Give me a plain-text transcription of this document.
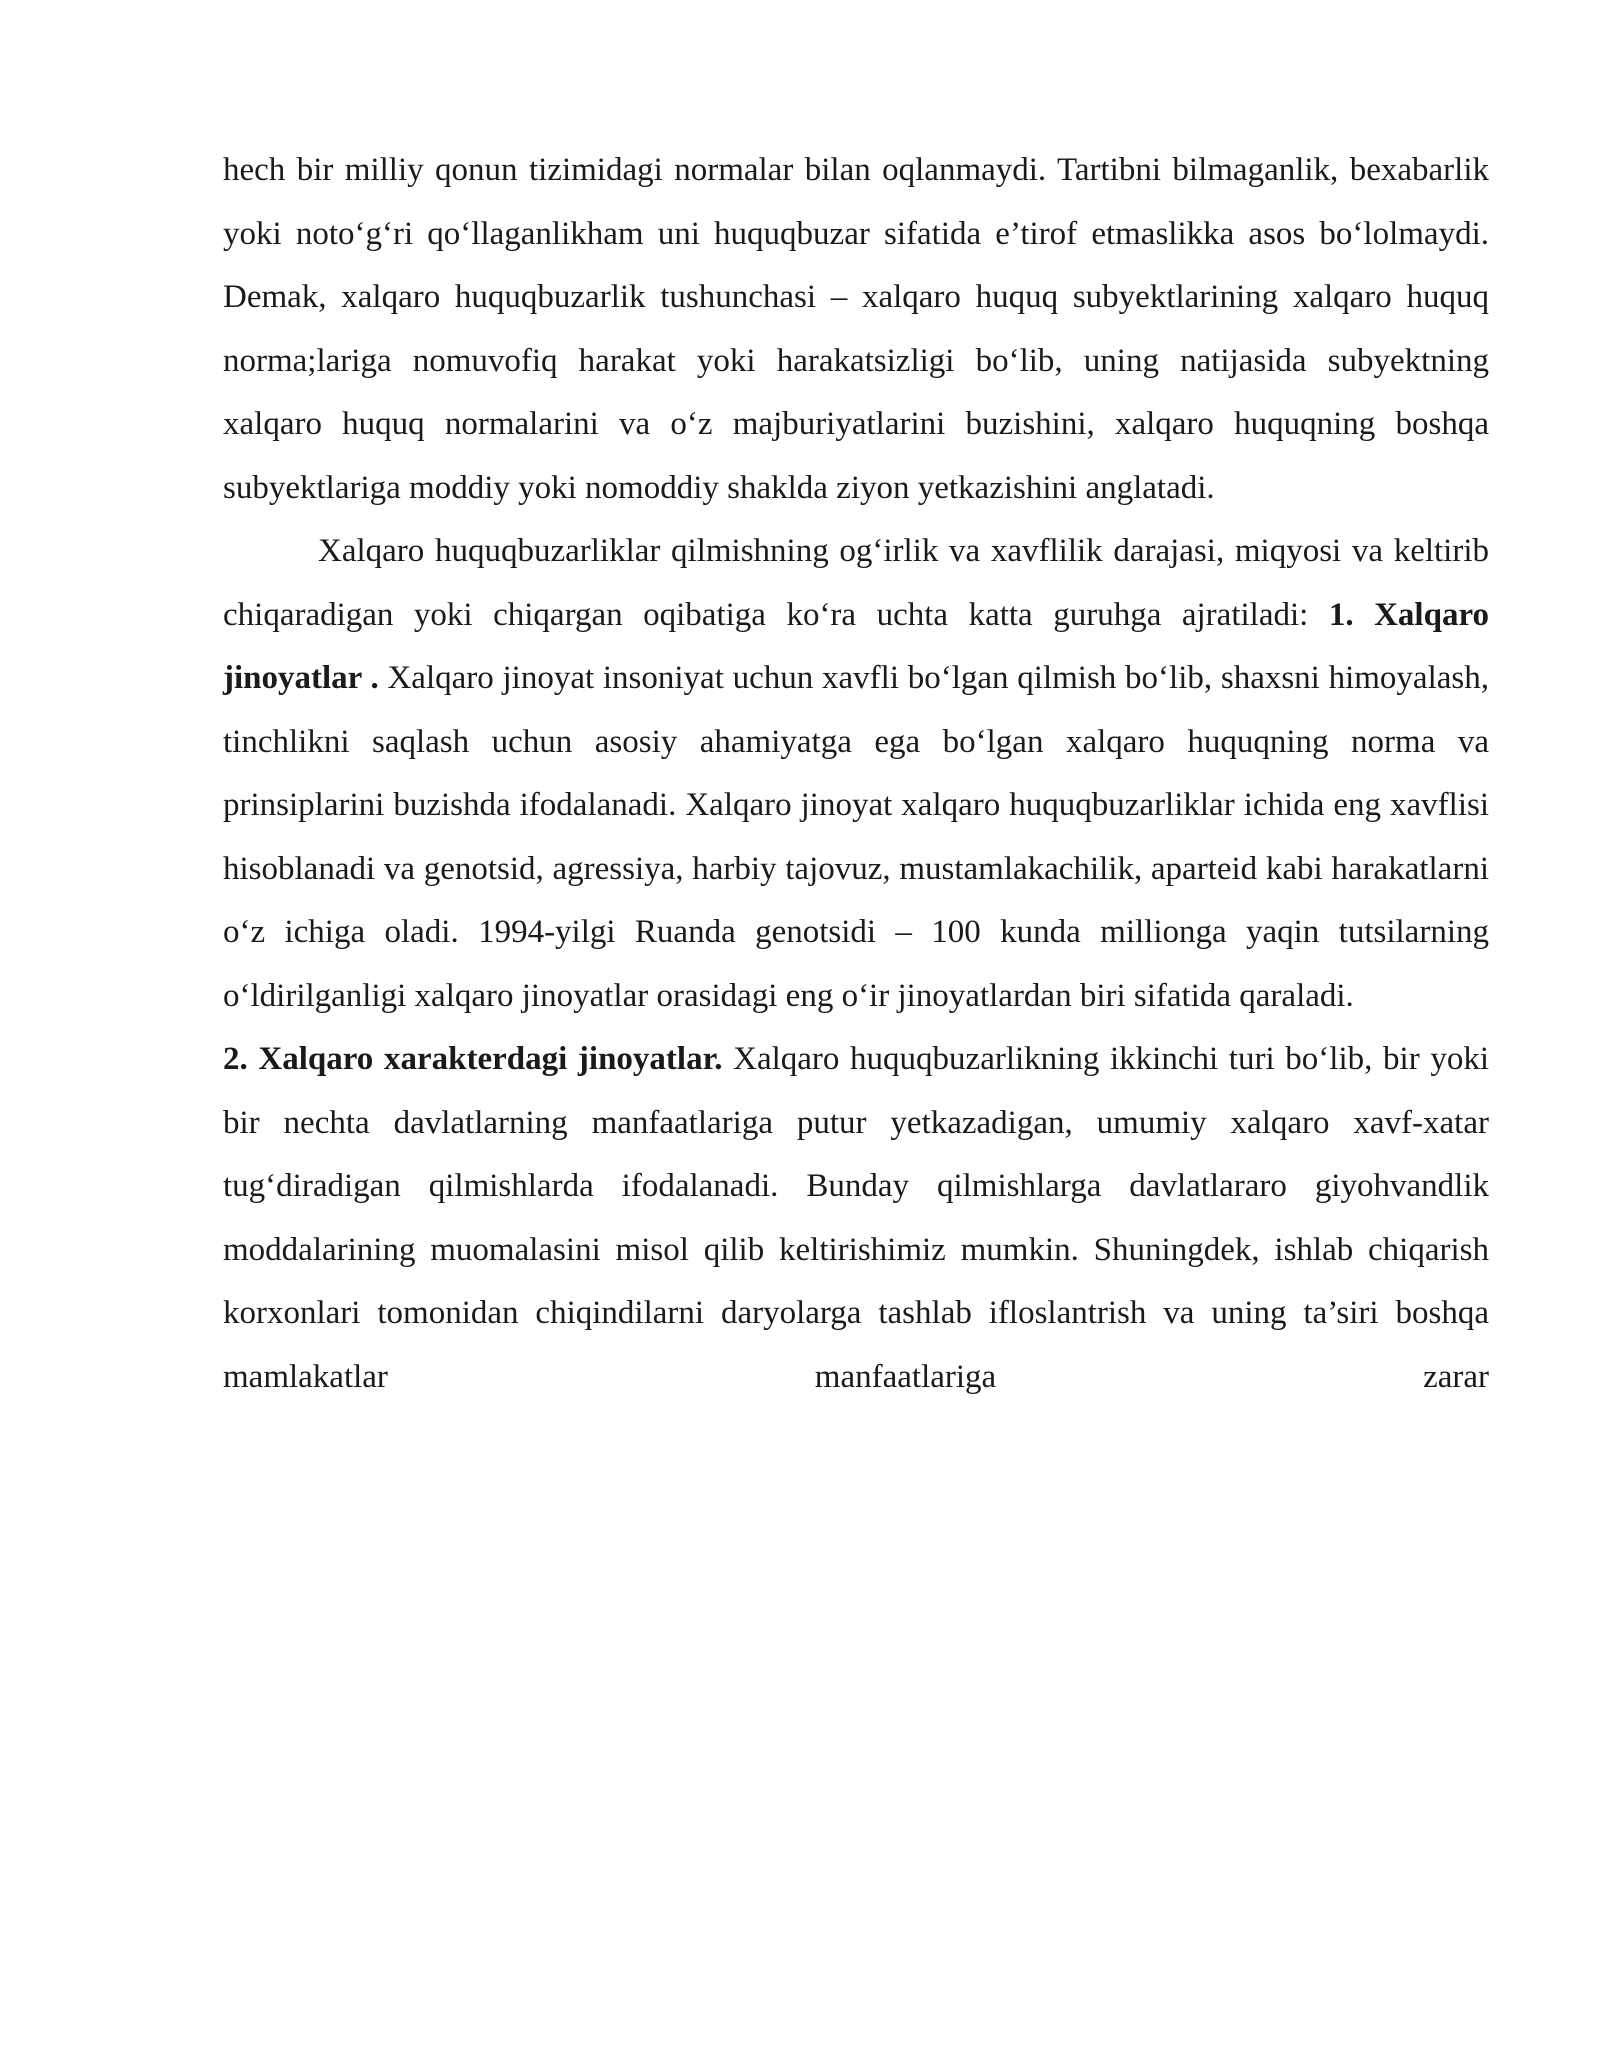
hech bir milliy qonun tizimidagi normalar bilan oqlanmaydi. Tartibni bilmaganlik, bexabarlik yoki noto‘g‘ri qo‘llaganlikham uni huquqbuzar sifatida e’tirof etmaslikka asos bo‘lolmaydi. Demak, xalqaro huquqbuzarlik tushunchasi – xalqaro huquq subyektlarining xalqaro huquq norma;lariga nomuvofiq harakat yoki harakatsizligi bo‘lib, uning natijasida subyektning xalqaro huquq normalarini va o‘z majburiyatlarini buzishini, xalqaro huquqning boshqa subyektlariga moddiy yoki nomoddiy shaklda ziyon yetkazishini anglatadi.

Xalqaro huquqbuzarliklar qilmishning og‘irlik va xavflilik darajasi, miqyosi va keltirib chiqaradigan yoki chiqargan oqibatiga ko‘ra uchta katta guruhga ajratiladi: 1. Xalqaro jinoyatlar . Xalqaro jinoyat insoniyat uchun xavfli bo‘lgan qilmish bo‘lib, shaxsni himoyalash, tinchlikni saqlash uchun asosiy ahamiyatga ega bo‘lgan xalqaro huquqning norma va prinsiplarini buzishda ifodalanadi. Xalqaro jinoyat xalqaro huquqbuzarliklar ichida eng xavflisi hisoblanadi va genotsid, agressiya, harbiy tajovuz, mustamlakachilik, aparteid kabi harakatlarni o‘z ichiga oladi. 1994-yilgi Ruanda genotsidi – 100 kunda millionga yaqin tutsilarning o‘ldirilganligi xalqaro jinoyatlar orasidagi eng o‘ir jinoyatlardan biri sifatida qaraladi.

2. Xalqaro xarakterdagi jinoyatlar. Xalqaro huquqbuzarlikning ikkinchi turi bo‘lib, bir yoki bir nechta davlatlarning manfaatlariga putur yetkazadigan, umumiy xalqaro xavf-xatar tug‘diradigan qilmishlarda ifodalanadi. Bunday qilmishlarga davlatlararo giyohvandlik moddalarining muomalasini misol qilib keltirishimiz mumkin. Shuningdek, ishlab chiqarish korxonlari tomonidan chiqindilarni daryolarga tashlab ifloslantrish va uning ta’siri boshqa mamlakatlar manfaatlariga zarar
